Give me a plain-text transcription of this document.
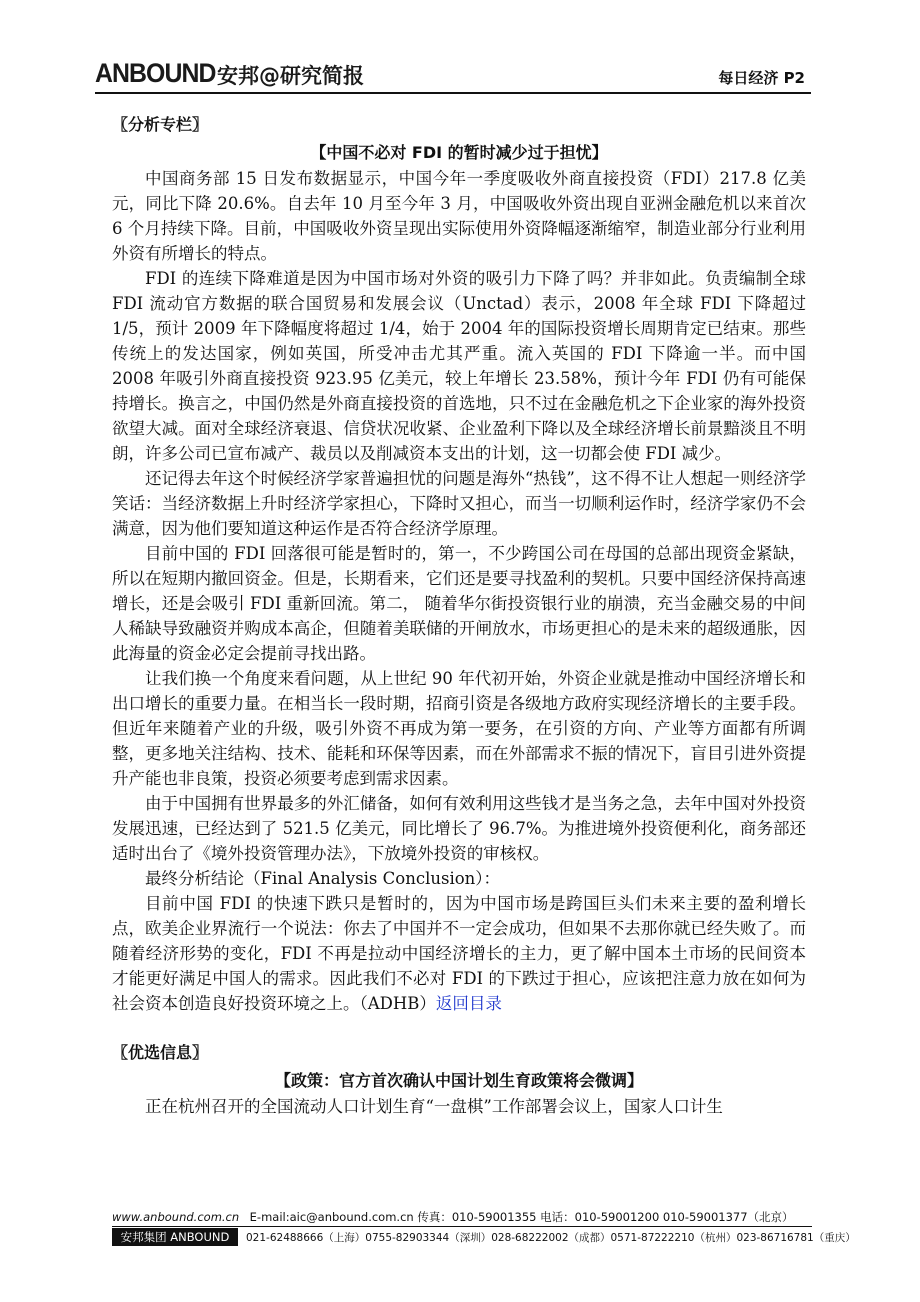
ANBOUND 安邦@研究简报	每日经济 P2
〖分析专栏〗
【中国不必对 FDI 的暂时减少过于担忧】

中国商务部 15 日发布数据显示，中国今年一季度吸收外商直接投资（FDI）217.8 亿美元，同比下降 20.6%。自去年 10 月至今年 3 月，中国吸收外资出现自亚洲金融危机以来首次 6 个月持续下降。目前，中国吸收外资呈现出实际使用外资降幅逐渐缩窄，制造业部分行业利用外资有所增长的特点。

FDI 的连续下降难道是因为中国市场对外资的吸引力下降了吗？并非如此。负责编制全球 FDI 流动官方数据的联合国贸易和发展会议（Unctad）表示，2008 年全球 FDI 下降超过 1/5，预计 2009 年下降幅度将超过 1/4，始于 2004 年的国际投资增长周期肯定已结束。那些传统上的发达国家，例如英国，所受冲击尤其严重。流入英国的 FDI 下降逾一半。而中国 2008 年吸引外商直接投资 923.95 亿美元，较上年增长 23.58%，预计今年 FDI 仍有可能保持增长。换言之，中国仍然是外商直接投资的首选地，只不过在金融危机之下企业家的海外投资欲望大减。面对全球经济衰退、信贷状况收紧、企业盈利下降以及全球经济增长前景黯淡且不明朗，许多公司已宣布减产、裁员以及削减资本支出的计划，这一切都会使 FDI 减少。

还记得去年这个时候经济学家普遍担忧的问题是海外“热钱”，这不得不让人想起一则经济学笑话：当经济数据上升时经济学家担心，下降时又担心，而当一切顺利运作时，经济学家仍不会满意，因为他们要知道这种运作是否符合经济学原理。

目前中国的 FDI 回落很可能是暂时的，第一，不少跨国公司在母国的总部出现资金紧缺，所以在短期内撤回资金。但是，长期看来，它们还是要寻找盈利的契机。只要中国经济保持高速增长，还是会吸引 FDI 重新回流。第二， 随着华尔街投资银行业的崩溃，充当金融交易的中间人稀缺导致融资并购成本高企，但随着美联储的开闸放水，市场更担心的是未来的超级通胀，因此海量的资金必定会提前寻找出路。

让我们换一个角度来看问题，从上世纪 90 年代初开始，外资企业就是推动中国经济增长和出口增长的重要力量。在相当长一段时期，招商引资是各级地方政府实现经济增长的主要手段。但近年来随着产业的升级，吸引外资不再成为第一要务，在引资的方向、产业等方面都有所调整，更多地关注结构、技术、能耗和环保等因素，而在外部需求不振的情况下，盲目引进外资提升产能也非良策，投资必须要考虑到需求因素。

由于中国拥有世界最多的外汇储备，如何有效利用这些钱才是当务之急，去年中国对外投资发展迅速，已经达到了 521.5 亿美元，同比增长了 96.7%。为推进境外投资便利化，商务部还适时出台了《境外投资管理办法》，下放境外投资的审核权。

最终分析结论（Final Analysis Conclusion）：

目前中国 FDI 的快速下跌只是暂时的，因为中国市场是跨国巨头们未来主要的盈利增长点，欧美企业界流行一个说法：你去了中国并不一定会成功，但如果不去那你就已经失败了。而随着经济形势的变化，FDI 不再是拉动中国经济增长的主力，更了解中国本土市场的民间资本才能更好满足中国人的需求。因此我们不必对 FDI 的下跌过于担心，应该把注意力放在如何为社会资本创造良好投资环境之上。（ADHB）返回目录

〖优选信息〗
【政策：官方首次确认中国计划生育政策将会微调】

正在杭州召开的全国流动人口计划生育“一盘棋”工作部署会议上，国家人口计生

www.anbound.com.cn E-mail:aic@anbound.com.cn 传真：010-59001355 电话：010-59001200 010-59001377（北京）
安邦集团 ANBOUND 021-62488666（上海）0755-82903344（深圳）028-68222002（成都）0571-87222210（杭州）023-86716781（重庆）
